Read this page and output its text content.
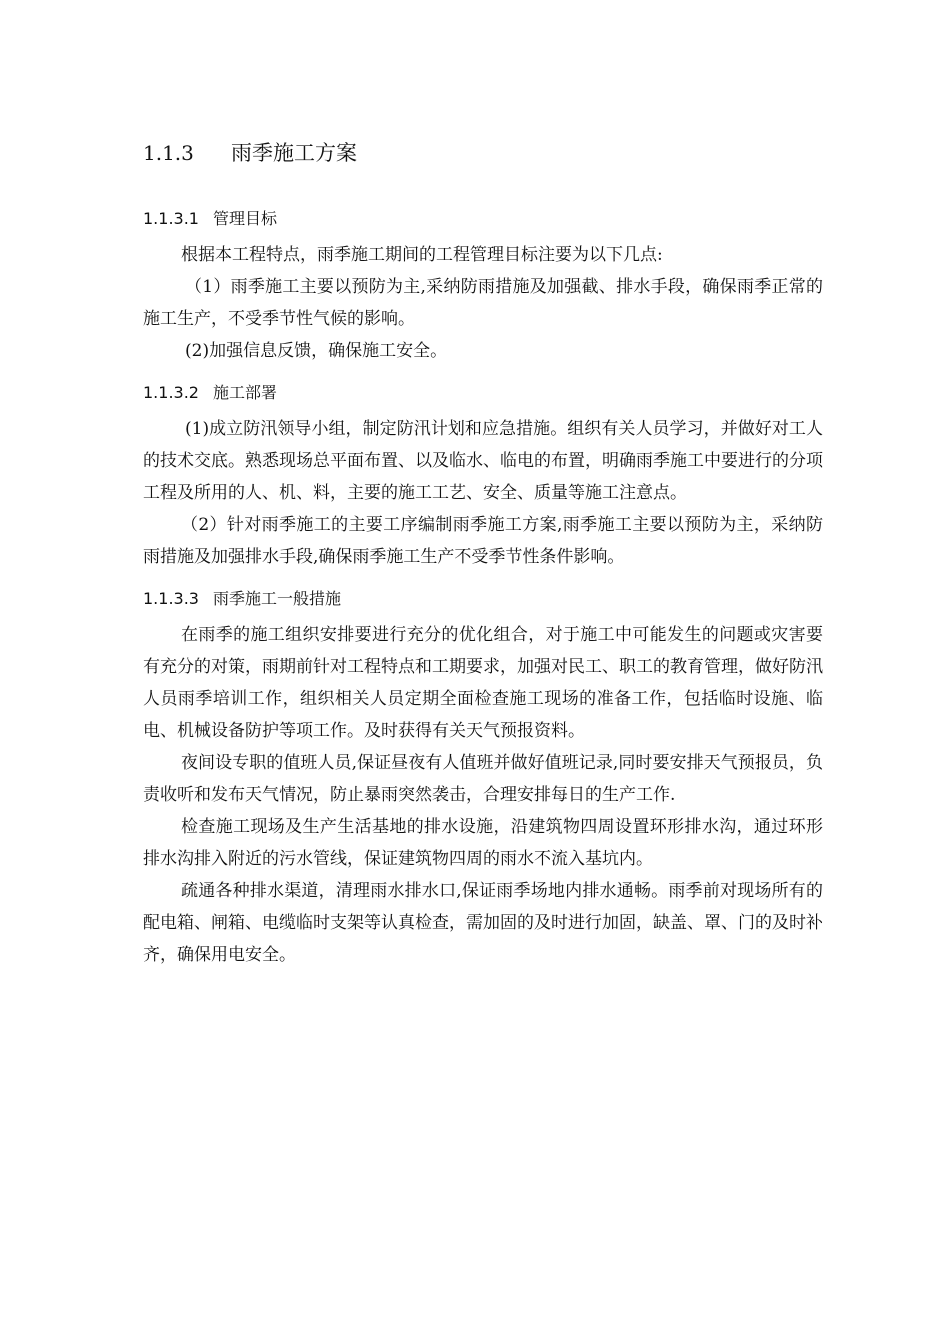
1.1.3 雨季施工方案
1.1.3.1 管理目标

根据本工程特点，雨季施工期间的工程管理目标注要为以下几点:

（1）雨季施工主要以预防为主,采纳防雨措施及加强截、排水手段，确保雨季正常的施工生产，不受季节性气候的影响。

(2)加强信息反馈，确保施工安全。

1.1.3.2 施工部署

(1)成立防汛领导小组，制定防汛计划和应急措施。组织有关人员学习，并做好对工人的技术交底。熟悉现场总平面布置、以及临水、临电的布置，明确雨季施工中要进行的分项工程及所用的人、机、料，主要的施工工艺、安全、质量等施工注意点。

（2）针对雨季施工的主要工序编制雨季施工方案,雨季施工主要以预防为主，采纳防雨措施及加强排水手段,确保雨季施工生产不受季节性条件影响。

1.1.3.3 雨季施工一般措施

在雨季的施工组织安排要进行充分的优化组合，对于施工中可能发生的问题或灾害要有充分的对策，雨期前针对工程特点和工期要求，加强对民工、职工的教育管理，做好防汛人员雨季培训工作，组织相关人员定期全面检查施工现场的准备工作，包括临时设施、临电、机械设备防护等项工作。及时获得有关天气预报资料。

夜间设专职的值班人员,保证昼夜有人值班并做好值班记录,同时要安排天气预报员，负责收听和发布天气情况，防止暴雨突然袭击，合理安排每日的生产工作.

检查施工现场及生产生活基地的排水设施，沿建筑物四周设置环形排水沟，通过环形排水沟排入附近的污水管线，保证建筑物四周的雨水不流入基坑内。

疏通各种排水渠道，清理雨水排水口,保证雨季场地内排水通畅。雨季前对现场所有的配电箱、闸箱、电缆临时支架等认真检查，需加固的及时进行加固，缺盖、罩、门的及时补齐，确保用电安全。
